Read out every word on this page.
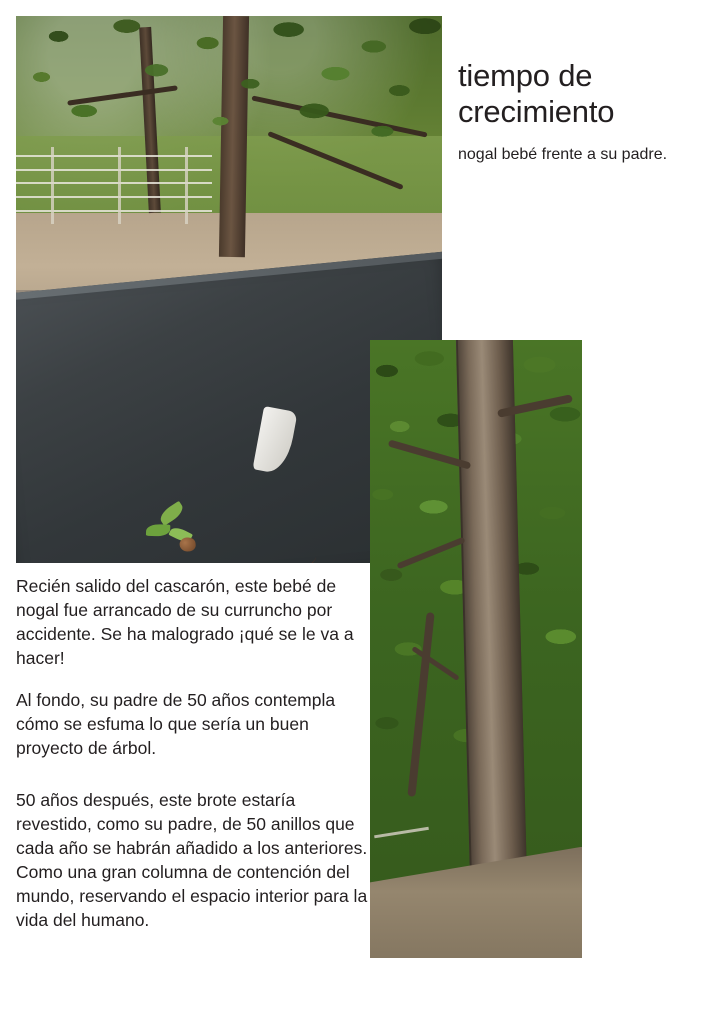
tiempo de crecimiento

nogal bebé frente a su padre.

Recién salido del cascarón, este bebé de nogal fue arrancado de su curruncho por accidente. Se ha malogrado ¡qué se le va a hacer!

Al fondo, su padre de 50 años contempla cómo se esfuma lo que sería un buen proyecto de árbol.

50 años después, este brote estaría revestido, como su padre, de 50 anillos que cada año se habrán añadido a los anteriores. Como una gran columna de contención del mundo, reservando el espacio interior para la vida del humano.
